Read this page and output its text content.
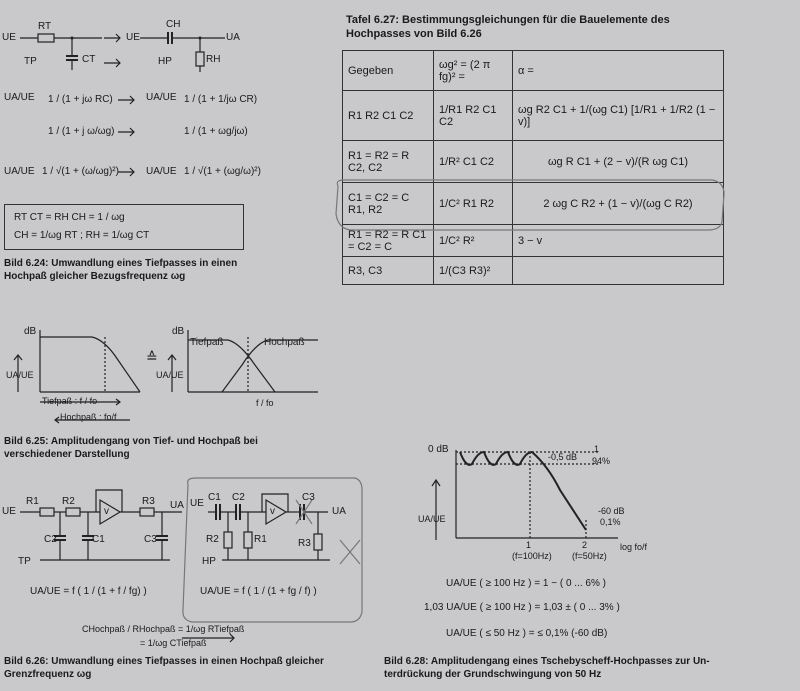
Tafel 6.27: Bestimmungsgleichungen für die Bauelemente des
Hochpasses von Bild 6.26
Gegeben	ωg² = (2 π fg)² =	α =
R1 R2 C1 C2	1/R1 R2 C1 C2	ωg R2 C1 + 1/(ωg C1) [1/R1 + 1/R2 (1 − v)]
R1 = R2 = R C2, C2	1/R² C1 C2	ωg R C1 + (2 − v)/(R ωg C1)
C1 = C2 = C R1, R2	1/C² R1 R2	2 ωg C R2 + (1 − v)/(ωg C R2)
R1 = R2 = R C1 = C2 = C	1/C² R²	3 − v
R3, C3	1/(C3 R3)²	
≙
UE
RT
CT
TP
UE
CH
UA
RH
HP
UA/UE 1 / (1 + jω RC)	UA/UE 1 / (1 + 1/jω CR)
1 / (1 + j ω/ωg)	1 / (1 + ωg/jω)
UA/UE 1 / √(1 + (ω/ωg)²)	UA/UE 1 / √(1 + (ωg/ω)²)
RT CT = RH CH = 1 / ωg
CH = 1/ωg RT ; RH = 1/ωg CT
Bild 6.24: Umwandlung eines Tiefpasses in einen
Hochpaß gleicher Bezugsfrequenz ωg
dB	dB
Tiefpaß	Hochpaß
UA/UE	UA/UE
Tiefpaß : f / fo
Hochpaß : fo/f
f / fo
Bild 6.25: Amplitudengang von Tief- und Hochpaß bei
verschiedener Darstellung
UE
R1 R2
v
R3 UA
C2	C1	C3
TP
UE
C1 C2
v
C3
UA
R2	R1	R3
HP
UA/UE = f ( 1 / (1 + f / fg) )	UA/UE = f ( 1 / (1 + fg / f) )
CHochpaß / RHochpaß = 1/ωg RTiefpaß
= 1/ωg CTiefpaß
Bild 6.26: Umwandlung eines Tiefpasses in einen Hochpaß gleicher
Grenzfrequenz ωg
0 dB
-0,5 dB
1
94%
-60 dB
0,1%
UA/UE
1	2
(f=100Hz) (f=50Hz)
log fo/f
UA/UE ( ≥ 100 Hz ) = 1 − ( 0 ... 6% )
1,03 UA/UE ( ≥ 100 Hz ) = 1,03 ± ( 0 ... 3% )
UA/UE ( ≤ 50 Hz ) = ≤ 0,1% (-60 dB)
Bild 6.28: Amplitudengang eines Tschebyscheff-Hochpasses zur Un-
terdrückung der Grundschwingung von 50 Hz
